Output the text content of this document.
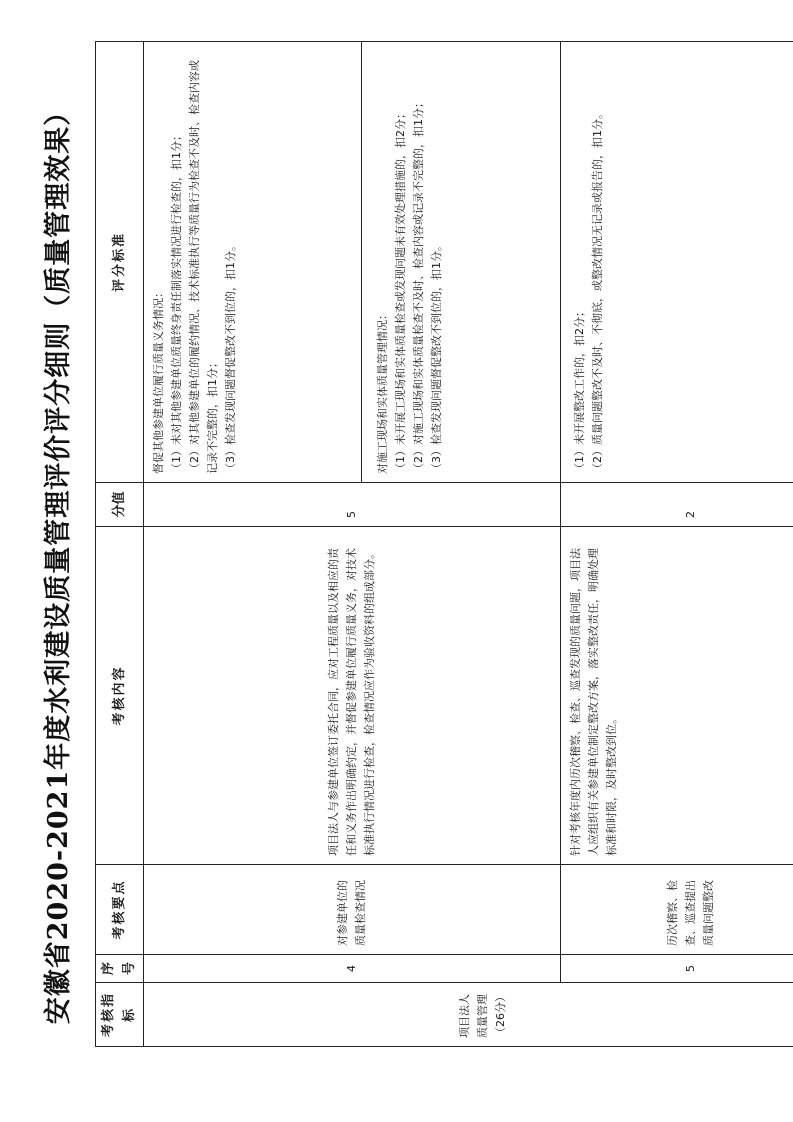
安徽省2020-2021年度水利建设质量管理评价评分细则（质量管理效果） 考核指标	序号	考核要点	考核内容	分值	评分标准
项目法人质量管理（26分）	4	对参建单位的质量检查情况	项目法人与参建单位签订委托合同，应对工程质量以及相应的责任和义务作出明确约定，并督促参建单位履行质量义务，对技术标准执行情况进行检查，检查情况应作为验收资料的组成部分。	5	督促其他参建单位履行质量义务情况： （1）未对其他参建单位质量终身责任制落实情况进行检查的，扣1分； （2）对其他参建单位的履约情况、技术标准执行等质量行为检查不及时、检查内容或记录不完整的，扣1分； （3）检查发现问题督促整改不到位的，扣1分。

					对施工现场和实体质量管理情况： （1）未开展工现场和实体质量检查或发现问题未有效处理措施的，扣2分； （2）对施工现场和实体质量检查不及时、检查内容或记录不完整的，扣1分； （3）检查发现问题督促整改不到位的，扣1分。

	5	历次稽察、检查、巡查提出质量问题整改	针对考核年度内历次稽察、检查、巡查发现的质量问题，项目法人应组织有关参建单位制定整改方案，落实整改责任，明确处理标准和时限，及时整改到位。	2	（1）未开展整改工作的，扣2分； （2）质量问题整改不及时、不彻底，或整改情况无记录或报告的，扣1分。
